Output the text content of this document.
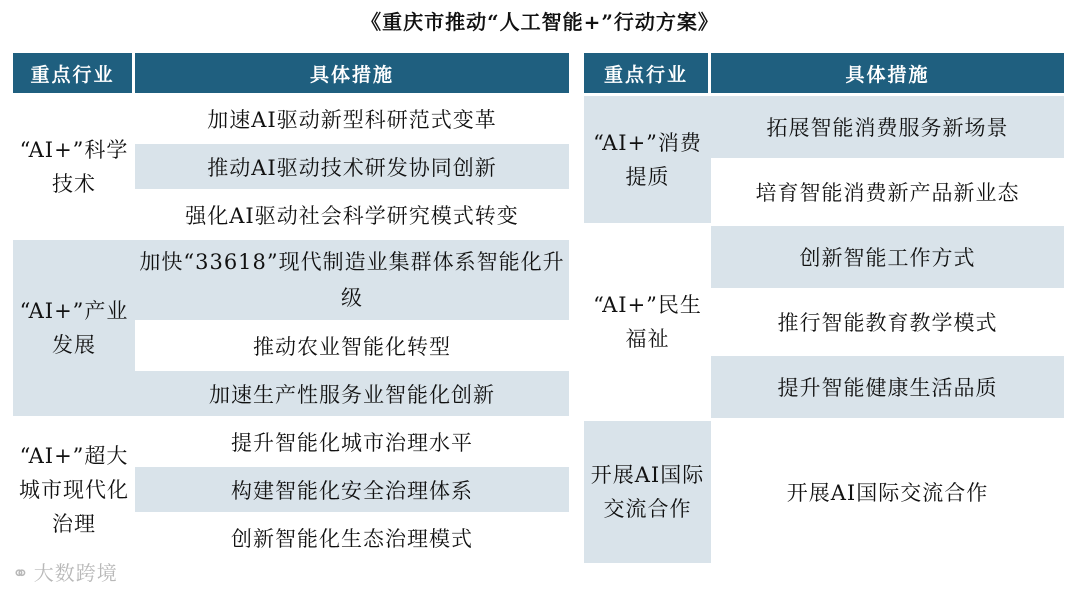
《重庆市推动“人工智能+”行动方案》
重点行业	具体措施
“AI+”科学技术	加速AI驱动新型科研范式变革
	推动AI驱动技术研发协同创新
	强化AI驱动社会科学研究模式转变
“AI+”产业发展	加快“33618”现代制造业集群体系智能化升级
	推动农业智能化转型
	加速生产性服务业智能化创新
“AI+”超大城市现代化治理	提升智能化城市治理水平
	构建智能化安全治理体系
	创新智能化生态治理模式
重点行业	具体措施
“AI+”消费提质	拓展智能消费服务新场景
	培育智能消费新产品新业态
“AI+”民生福祉	创新智能工作方式
	推行智能教育教学模式
	提升智能健康生活品质
开展AI国际交流合作	开展AI国际交流合作
⚭ 大数跨境
